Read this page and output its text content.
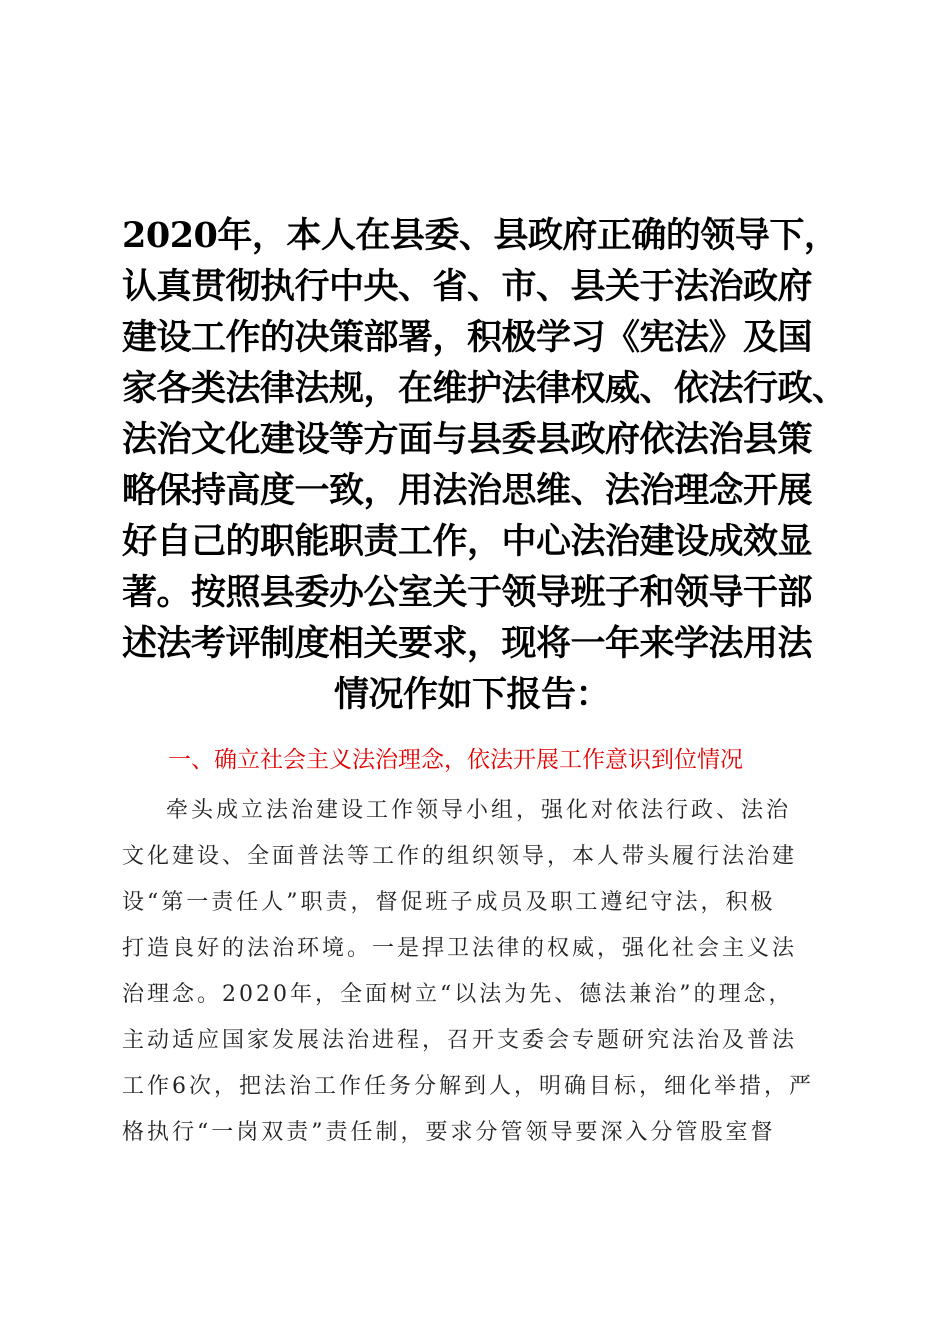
2020年，本人在县委、县政府正确的领导下，
认真贯彻执行中央、省、市、县关于法治政府
建设工作的决策部署，积极学习《宪法》及国
家各类法律法规，在维护法律权威、依法行政、
法治文化建设等方面与县委县政府依法治县策
略保持高度一致，用法治思维、法治理念开展
好自己的职能职责工作，中心法治建设成效显
著。按照县委办公室关于领导班子和领导干部
述法考评制度相关要求，现将一年来学法用法
情况作如下报告：
一、确立社会主义法治理念，依法开展工作意识到位情况
牵头成立法治建设工作领导小组，强化对依法行政、法治
文化建设、全面普法等工作的组织领导，本人带头履行法治建
设“第一责任人”职责，督促班子成员及职工遵纪守法，积极
打造良好的法治环境。一是捍卫法律的权威，强化社会主义法
治理念。2020年，全面树立“以法为先、德法兼治”的理念，
主动适应国家发展法治进程，召开支委会专题研究法治及普法
工作6次，把法治工作任务分解到人，明确目标，细化举措，严
格执行“一岗双责”责任制，要求分管领导要深入分管股室督
